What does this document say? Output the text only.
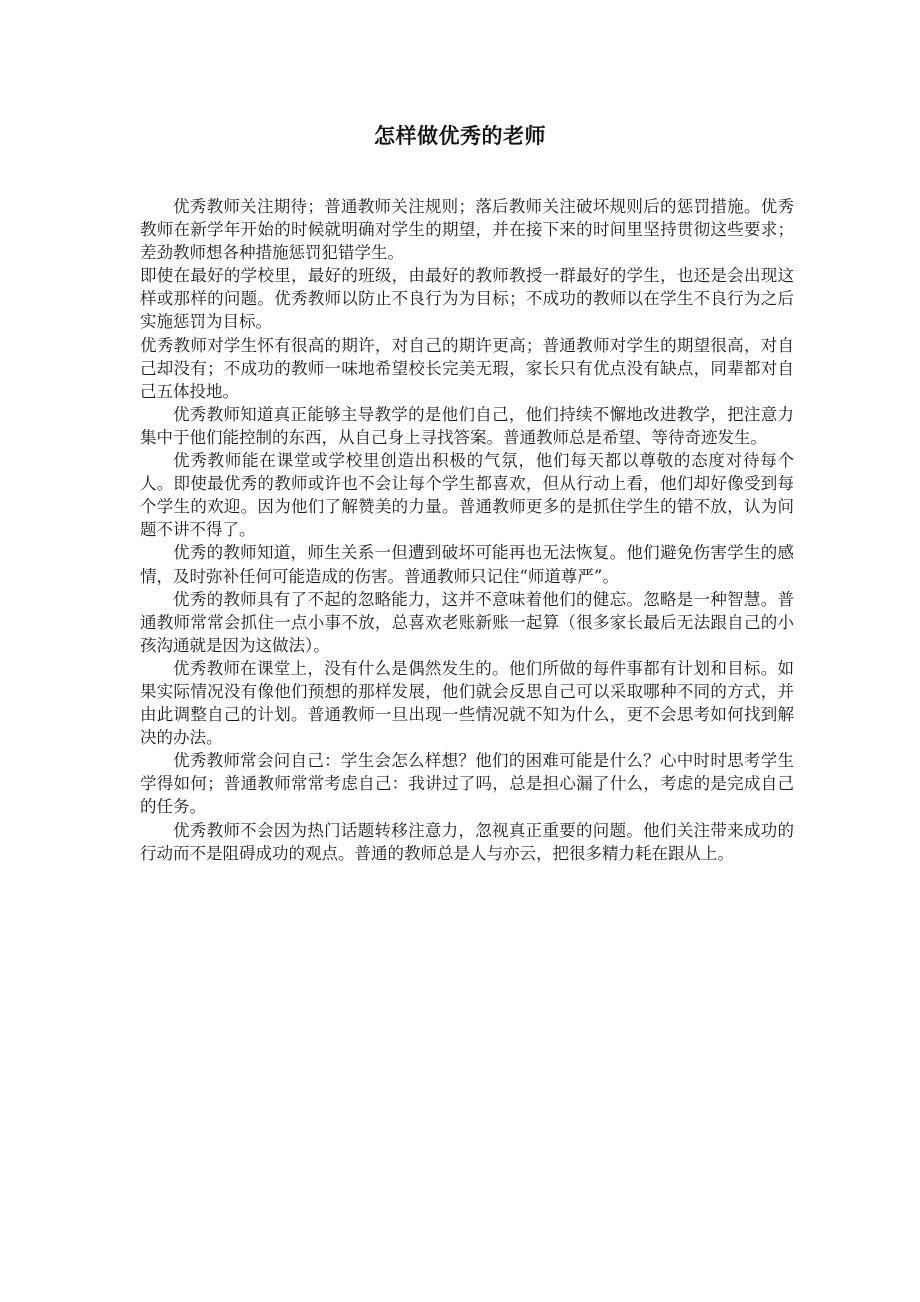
怎样做优秀的老师

优秀教师关注期待；普通教师关注规则；落后教师关注破坏规则后的惩罚措施。优秀教师在新学年开始的时候就明确对学生的期望，并在接下来的时间里坚持贯彻这些要求；差劲教师想各种措施惩罚犯错学生。

即使在最好的学校里，最好的班级，由最好的教师教授一群最好的学生，也还是会出现这样或那样的问题。优秀教师以防止不良行为为目标；不成功的教师以在学生不良行为之后实施惩罚为目标。

优秀教师对学生怀有很高的期许，对自己的期许更高；普通教师对学生的期望很高，对自己却没有；不成功的教师一味地希望校长完美无瑕，家长只有优点没有缺点，同辈都对自己五体投地。

优秀教师知道真正能够主导教学的是他们自己，他们持续不懈地改进教学，把注意力集中于他们能控制的东西，从自己身上寻找答案。普通教师总是希望、等待奇迹发生。

优秀教师能在课堂或学校里创造出积极的气氛，他们每天都以尊敬的态度对待每个人。即使最优秀的教师或许也不会让每个学生都喜欢，但从行动上看，他们却好像受到每个学生的欢迎。因为他们了解赞美的力量。普通教师更多的是抓住学生的错不放，认为问题不讲不得了。

优秀的教师知道，师生关系一但遭到破坏可能再也无法恢复。他们避免伤害学生的感情，及时弥补任何可能造成的伤害。普通教师只记住“师道尊严”。

优秀的教师具有了不起的忽略能力，这并不意味着他们的健忘。忽略是一种智慧。普通教师常常会抓住一点小事不放，总喜欢老账新账一起算（很多家长最后无法跟自己的小孩沟通就是因为这做法）。

优秀教师在课堂上，没有什么是偶然发生的。他们所做的每件事都有计划和目标。如果实际情况没有像他们预想的那样发展，他们就会反思自己可以采取哪种不同的方式，并由此调整自己的计划。普通教师一旦出现一些情况就不知为什么，更不会思考如何找到解决的办法。

优秀教师常会问自己：学生会怎么样想？他们的困难可能是什么？心中时时思考学生学得如何；普通教师常常考虑自己：我讲过了吗，总是担心漏了什么，考虑的是完成自己的任务。

优秀教师不会因为热门话题转移注意力，忽视真正重要的问题。他们关注带来成功的行动而不是阻碍成功的观点。普通的教师总是人与亦云，把很多精力耗在跟从上。
